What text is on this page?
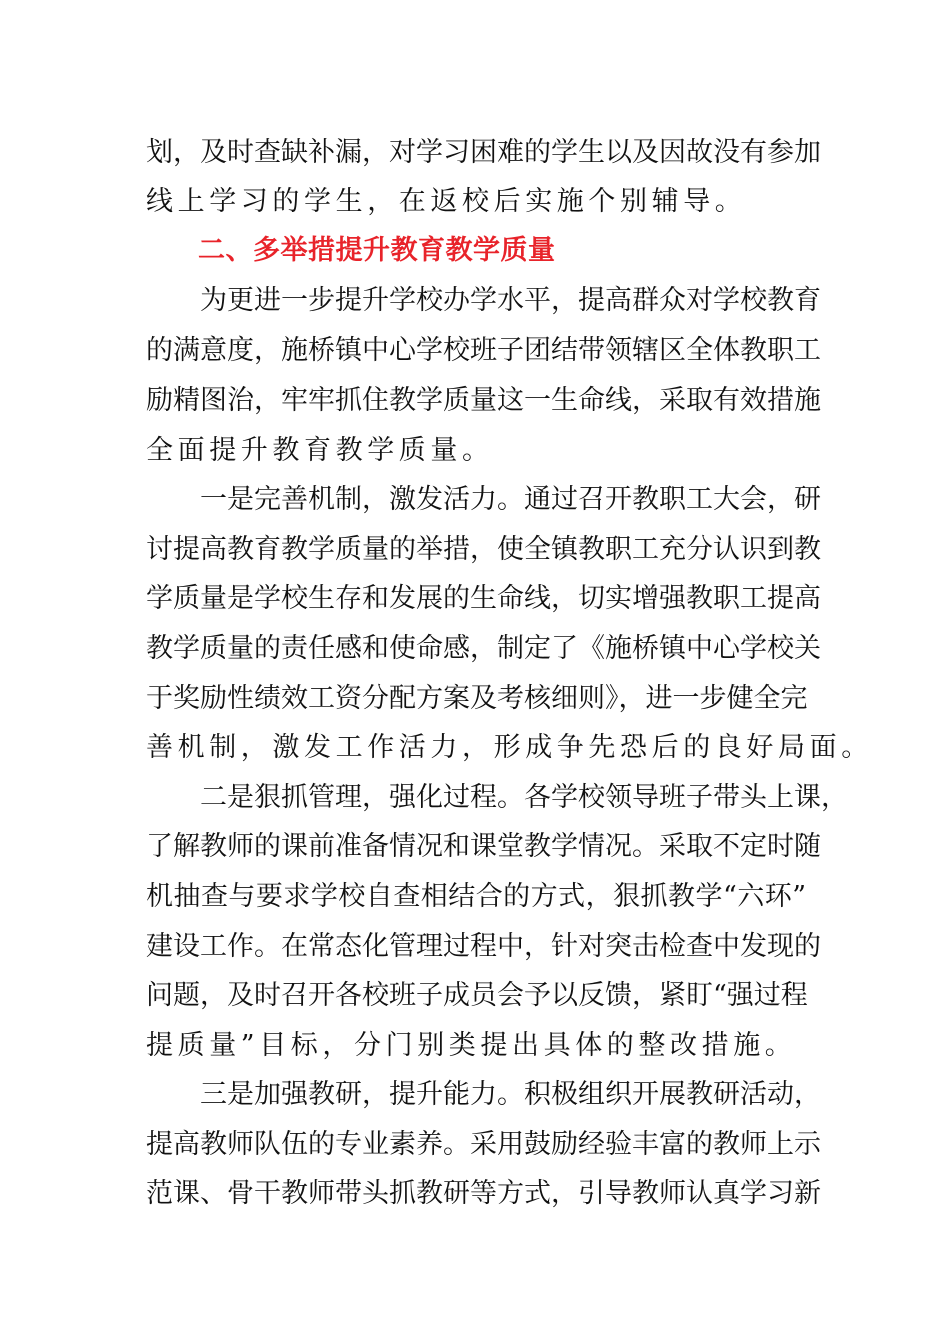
划，及时查缺补漏，对学习困难的学生以及因故没有参加
线上学习的学生，在返校后实施个别辅导。
二、多举措提升教育教学质量
为更进一步提升学校办学水平，提高群众对学校教育
的满意度，施桥镇中心学校班子团结带领辖区全体教职工
励精图治，牢牢抓住教学质量这一生命线，采取有效措施
全面提升教育教学质量。
一是完善机制，激发活力。通过召开教职工大会，研
讨提高教育教学质量的举措，使全镇教职工充分认识到教
学质量是学校生存和发展的生命线，切实增强教职工提高
教学质量的责任感和使命感，制定了《施桥镇中心学校关
于奖励性绩效工资分配方案及考核细则》，进一步健全完
善机制，激发工作活力，形成争先恐后的良好局面。
二是狠抓管理，强化过程。各学校领导班子带头上课，
了解教师的课前准备情况和课堂教学情况。采取不定时随
机抽查与要求学校自查相结合的方式，狠抓教学“六环”
建设工作。在常态化管理过程中，针对突击检查中发现的
问题，及时召开各校班子成员会予以反馈，紧盯“强过程
提质量”目标，分门别类提出具体的整改措施。
三是加强教研，提升能力。积极组织开展教研活动，
提高教师队伍的专业素养。采用鼓励经验丰富的教师上示
范课、骨干教师带头抓教研等方式，引导教师认真学习新
